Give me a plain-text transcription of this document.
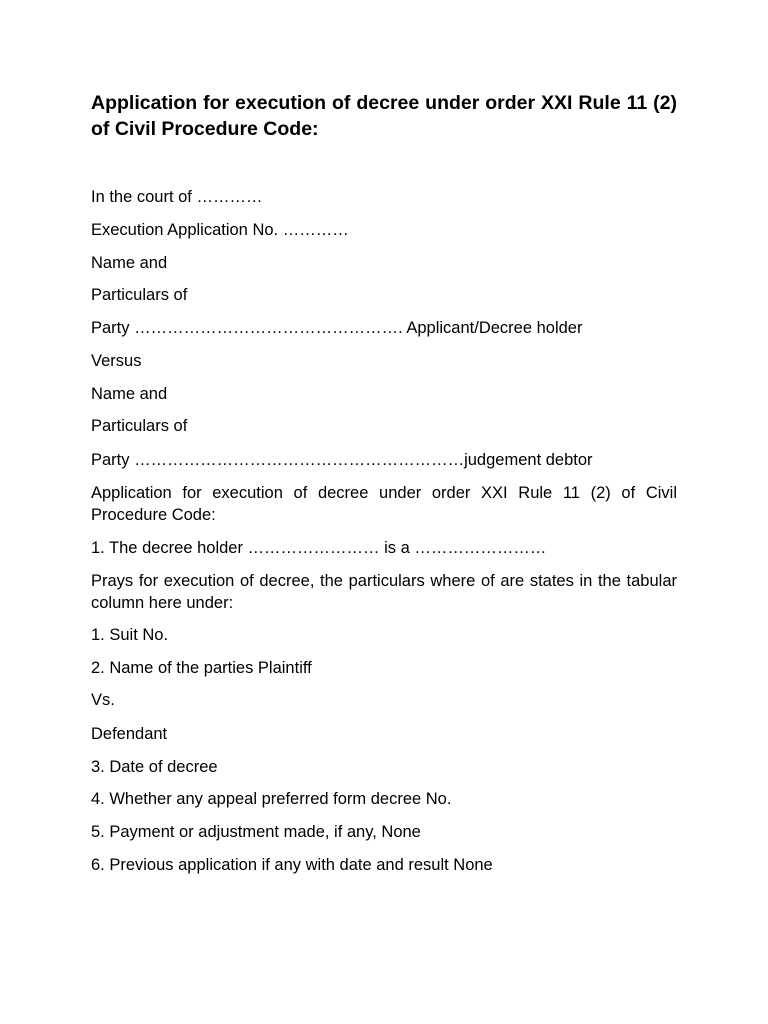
Application for execution of decree under order XXI Rule 11 (2) of Civil Procedure Code:

In the court of …………

Execution Application No. …………

Name and

Particulars of

Party …………………………………………. Applicant/Decree holder

Versus

Name and

Particulars of

Party ……………………………………………………judgement debtor

Application for execution of decree under order XXI Rule 11 (2) of Civil Procedure Code:

1. The decree holder …………………… is a ……………………

Prays for execution of decree, the particulars where of are states in the tabular column here under:

1. Suit No.

2. Name of the parties Plaintiff

Vs.

Defendant

3. Date of decree

4. Whether any appeal preferred form decree No.

5. Payment or adjustment made, if any, None

6. Previous application if any with date and result None
